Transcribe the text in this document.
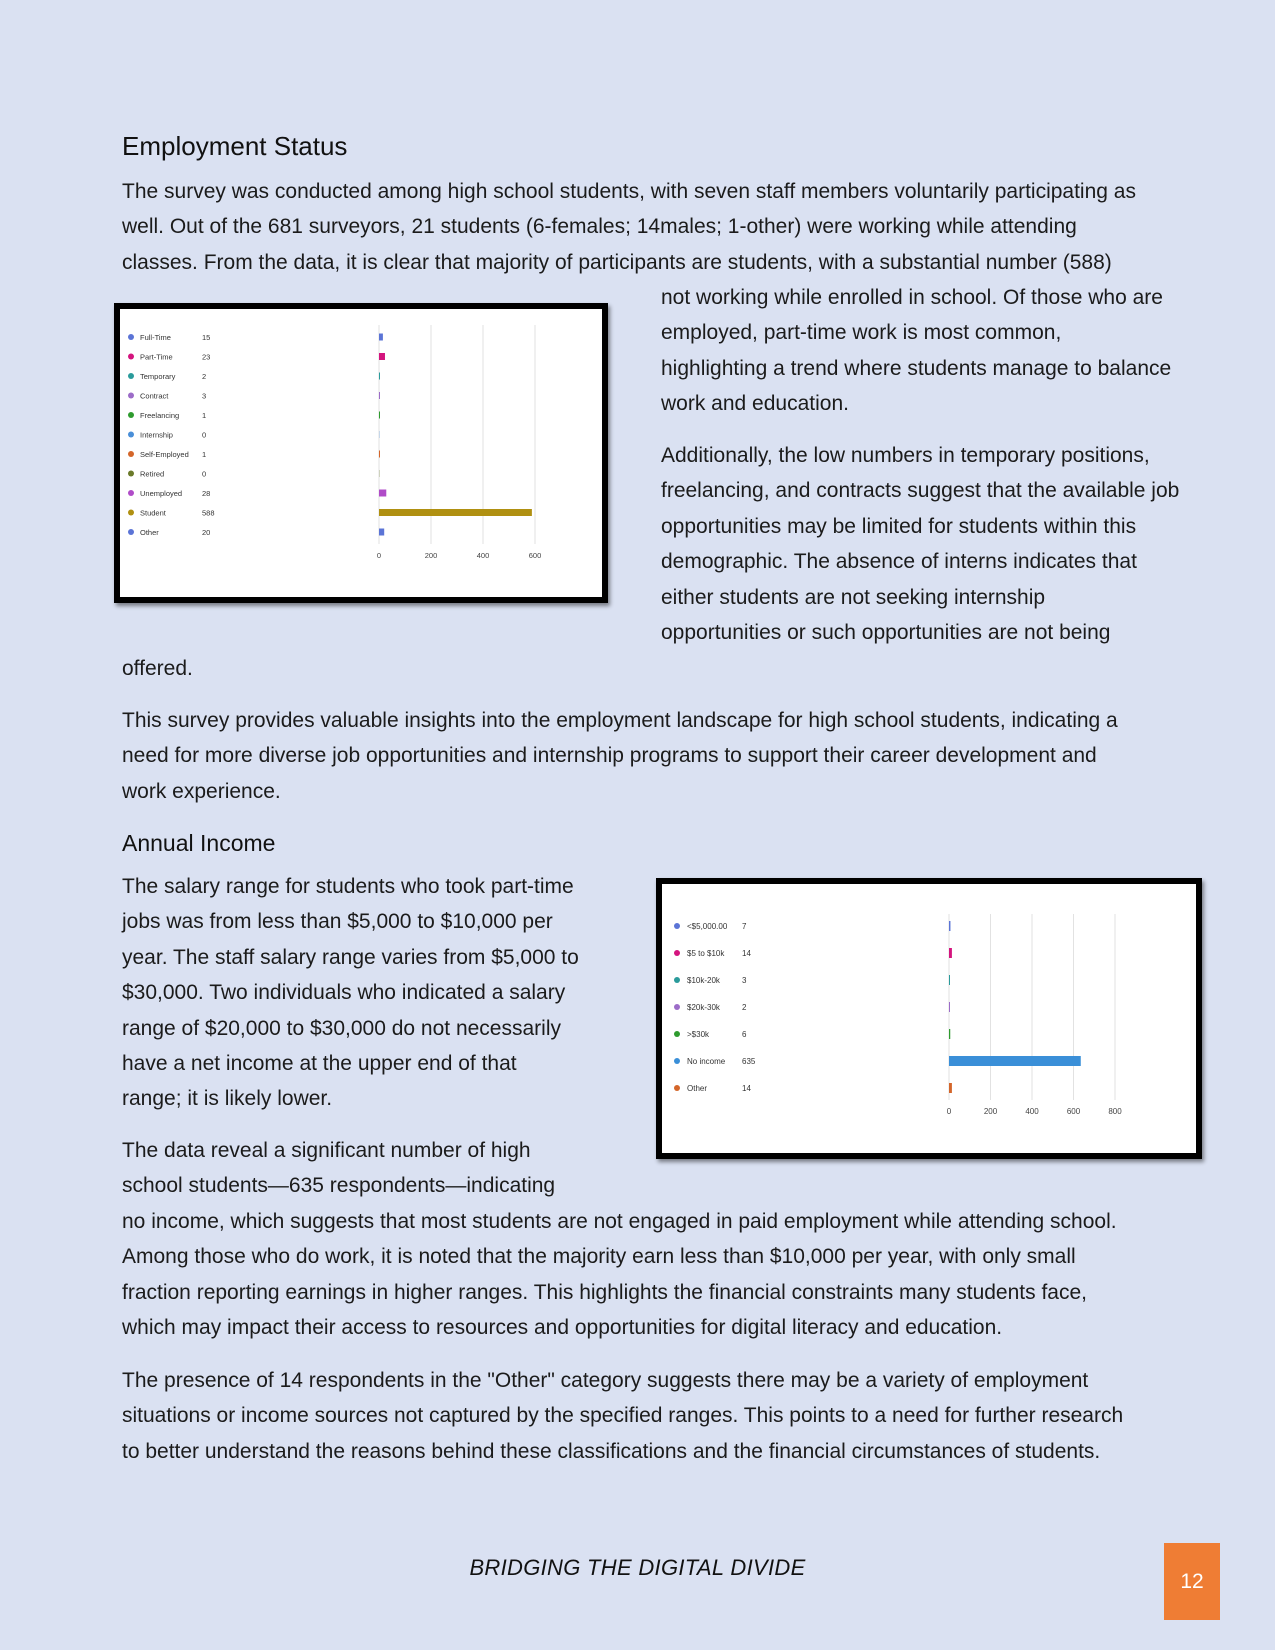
Employment Status
The survey was conducted among high school students, with seven staff members voluntarily participating as
well. Out of the 681 surveyors, 21 students (6-females; 14males; 1-other) were working while attending
classes. From the data, it is clear that majority of participants are students, with a substantial number (588)
not working while enrolled in school. Of those who are
employed, part-time work is most common,
highlighting a trend where students manage to balance
work and education.
Additionally, the low numbers in temporary positions,
freelancing, and contracts suggest that the available job
opportunities may be limited for students within this
demographic. The absence of interns indicates that
either students are not seeking internship
opportunities or such opportunities are not being
offered.
This survey provides valuable insights into the employment landscape for high school students, indicating a
need for more diverse job opportunities and internship programs to support their career development and
work experience.
Full-Time	15
Part-Time	23
Temporary	2
Contract	3
Freelancing	1
Internship	0
Self-Employed 1
Retired	0
Unemployed	28
Student	588
Other	20
0	200	400	600
Annual Income
The salary range for students who took part-time
jobs was from less than $5,000 to $10,000 per
year. The staff salary range varies from $5,000 to
$30,000. Two individuals who indicated a salary
range of $20,000 to $30,000 do not necessarily
have a net income at the upper end of that
range; it is likely lower.
The data reveal a significant number of high
school students—635 respondents—indicating
no income, which suggests that most students are not engaged in paid employment while attending school.
Among those who do work, it is noted that the majority earn less than $10,000 per year, with only small
fraction reporting earnings in higher ranges. This highlights the financial constraints many students face,
which may impact their access to resources and opportunities for digital literacy and education.
The presence of 14 respondents in the "Other" category suggests there may be a variety of employment
situations or income sources not captured by the specified ranges. This points to a need for further research
to better understand the reasons behind these classifications and the financial circumstances of students.
<$5,000.00 7
$5 to $10k 14
$10k-20k	3
$20k-30k	2
>$30k	6
No income 635
Other	14
0	200	400	600	800
BRIDGING THE DIGITAL DIVIDE
12
